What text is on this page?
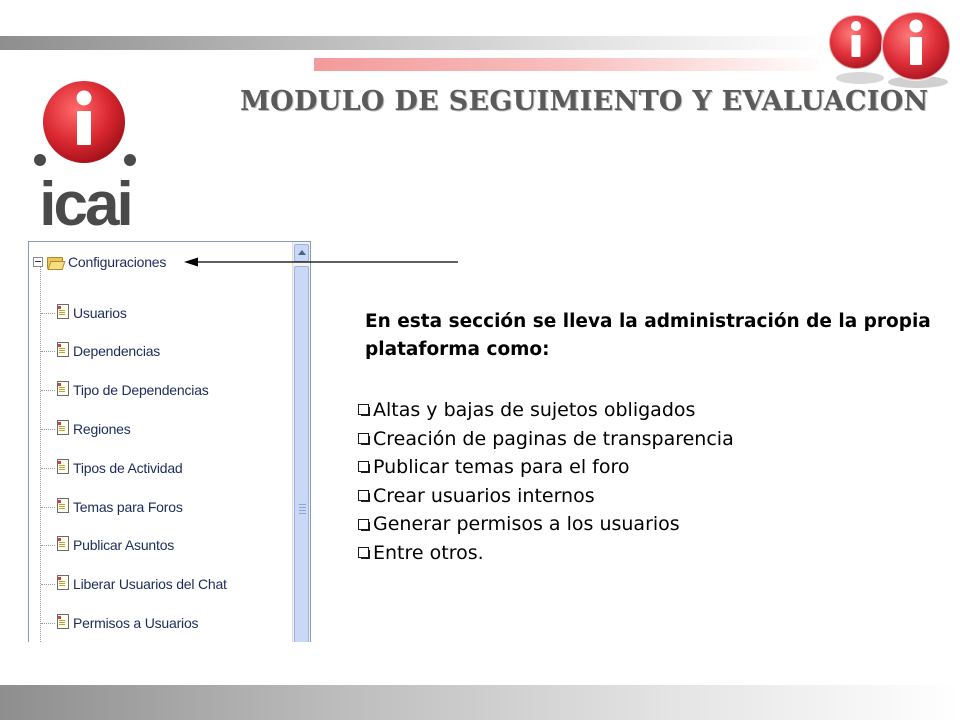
MODULO DE SEGUIMIENTO Y EVALUACION
icai
Configuraciones
Usuarios
Dependencias
Tipo de Dependencias
Regiones
Tipos de Actividad
Temas para Foros
Publicar Asuntos
Liberar Usuarios del Chat
Permisos a Usuarios

En esta sección se lleva la administración de la propia plataforma como:

Altas y bajas de sujetos obligados
Creación de paginas de transparencia
Publicar temas para el foro
Crear usuarios internos
Generar permisos a los usuarios
Entre otros.
